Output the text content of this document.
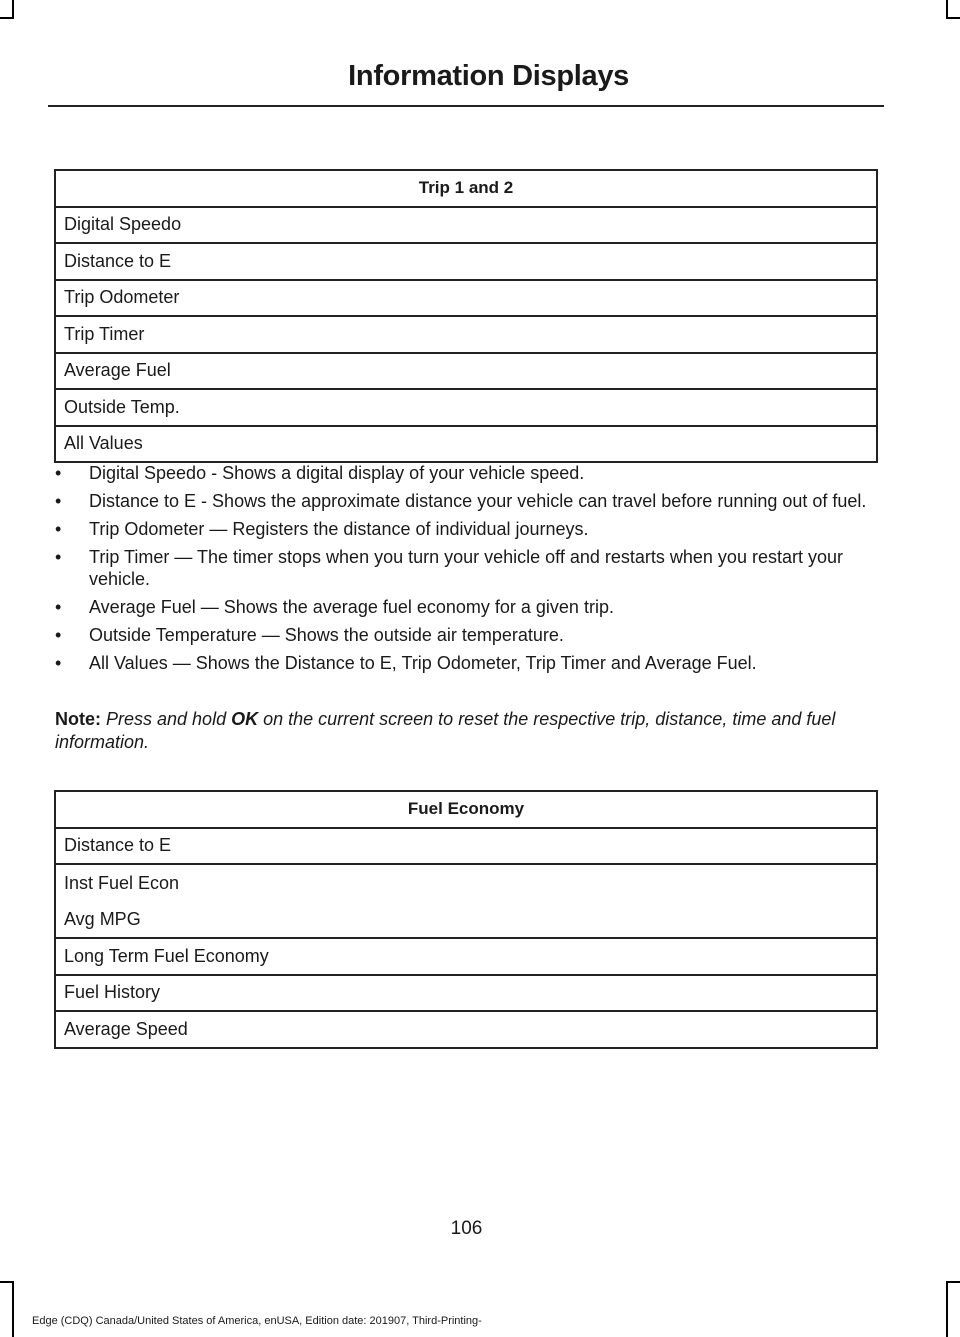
Information Displays
Trip 1 and 2
Digital Speedo
Distance to E
Trip Odometer
Trip Timer
Average Fuel
Outside Temp.
All Values
• Digital Speedo - Shows a digital display of your vehicle speed.
• Distance to E - Shows the approximate distance your vehicle can travel before running out of fuel.
• Trip Odometer — Registers the distance of individual journeys.
• Trip Timer — The timer stops when you turn your vehicle off and restarts when you restart your vehicle.
• Average Fuel — Shows the average fuel economy for a given trip.
• Outside Temperature — Shows the outside air temperature.
• All Values — Shows the Distance to E, Trip Odometer, Trip Timer and Average Fuel.
Note: Press and hold OK on the current screen to reset the respective trip, distance, time and fuel information.
Fuel Economy
Distance to E

Inst Fuel Econ
Avg MPG

Long Term Fuel Economy
Fuel History
Average Speed
106
Edge (CDQ) Canada/United States of America, enUSA, Edition date: 201907, Third-Printing-
